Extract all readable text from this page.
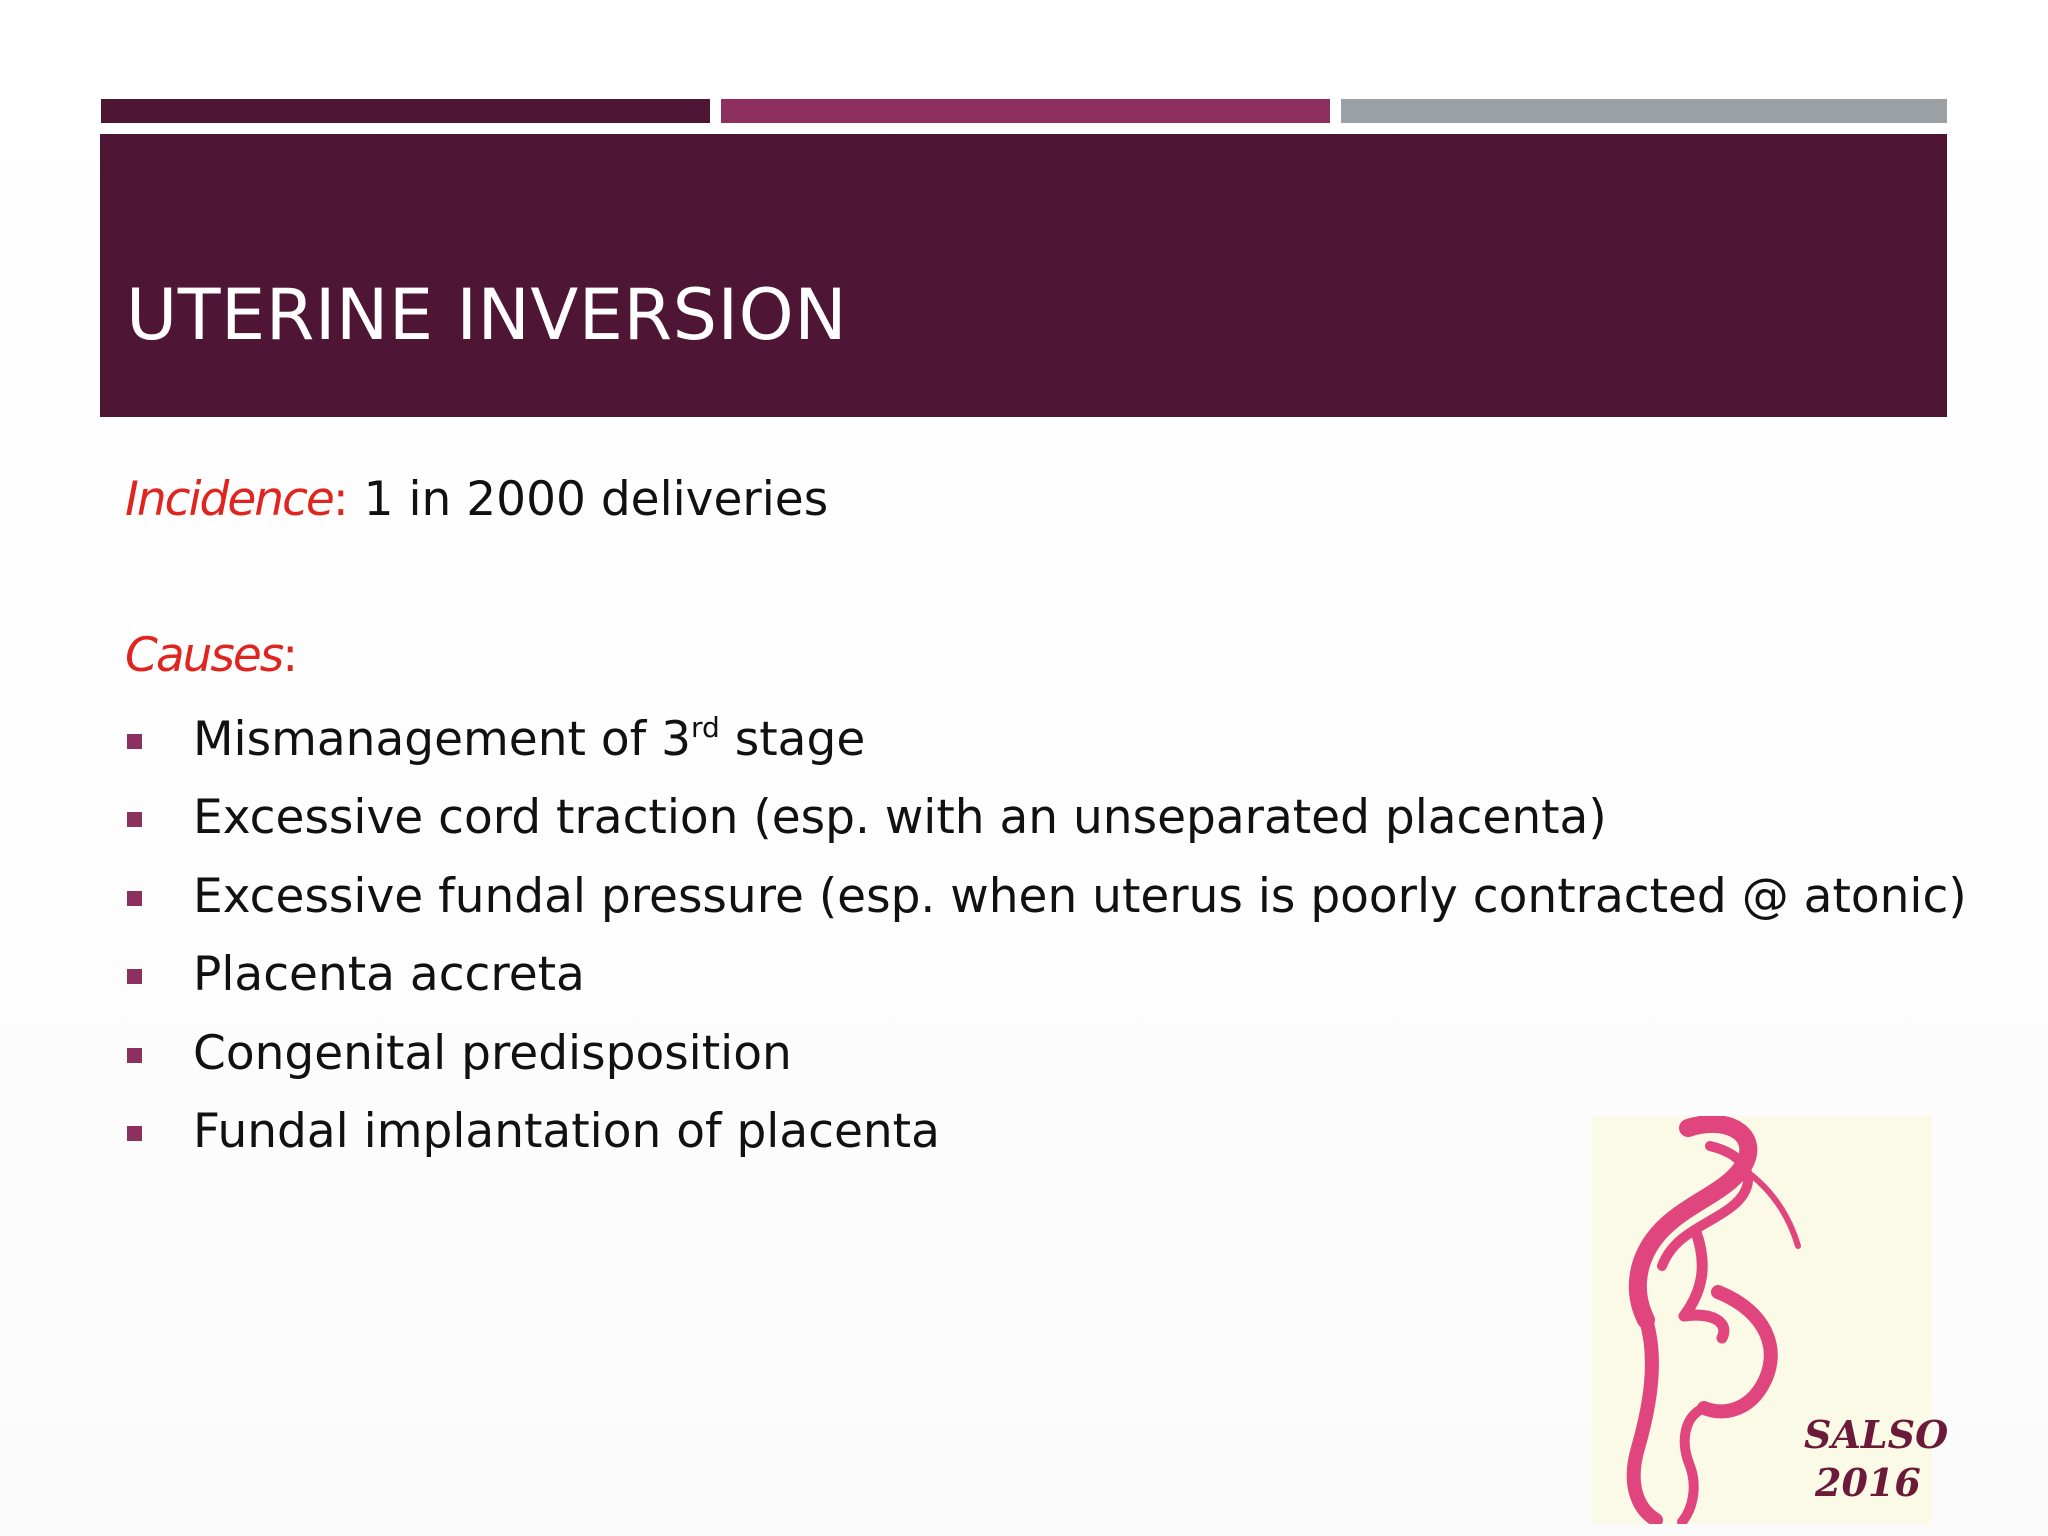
UTERINE INVERSION
Incidence: 1 in 2000 deliveries
Causes:
Mismanagement of 3rd stage
Excessive cord traction (esp. with an unseparated placenta)
Excessive fundal pressure (esp. when uterus is poorly contracted @ atonic)
Placenta accreta
Congenital predisposition
Fundal implantation of placenta
SALSO
2016
